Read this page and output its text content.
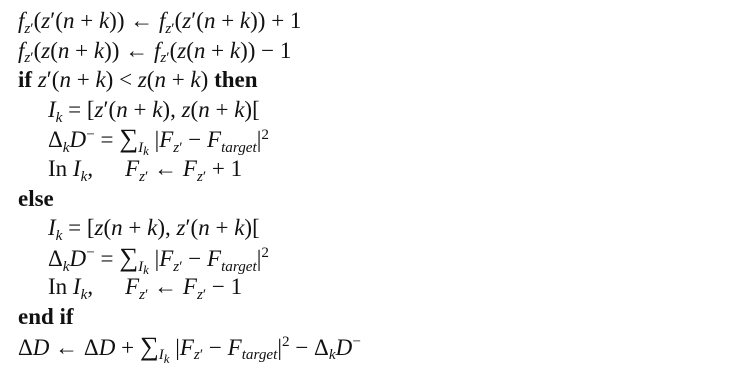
$f_{z'}(z'(n + k))$ ← $f_{z'}(z'(n + k)) + 1$
$f_{z'}(z(n + k))$ ← $f_{z'}(z(n + k)) - 1$
if z′(n + k) < z(n + k) then
$I_k = [z'(n + k)$, z(n + k)[
$\Delta_kD^- = \sum_{I_k}$ $|F_{z'} - F_{target}|^2$
In $I_k$, $F_{z'}$ ← $F_{z'} + 1$
else
$I_k = [z(n + k)$, z′(n + k)[
$\Delta_kD^- = \sum_{I_k}$ $|F_{z'} - F_{target}|^2$
In $I_k$, $F_{z'}$ ← $F_{z'} - 1$
end if
ΔD ← $\Delta D + \sum_{I_k}$ $|F_{z'} - F_{target}|^2 - \Delta_kD^-$
